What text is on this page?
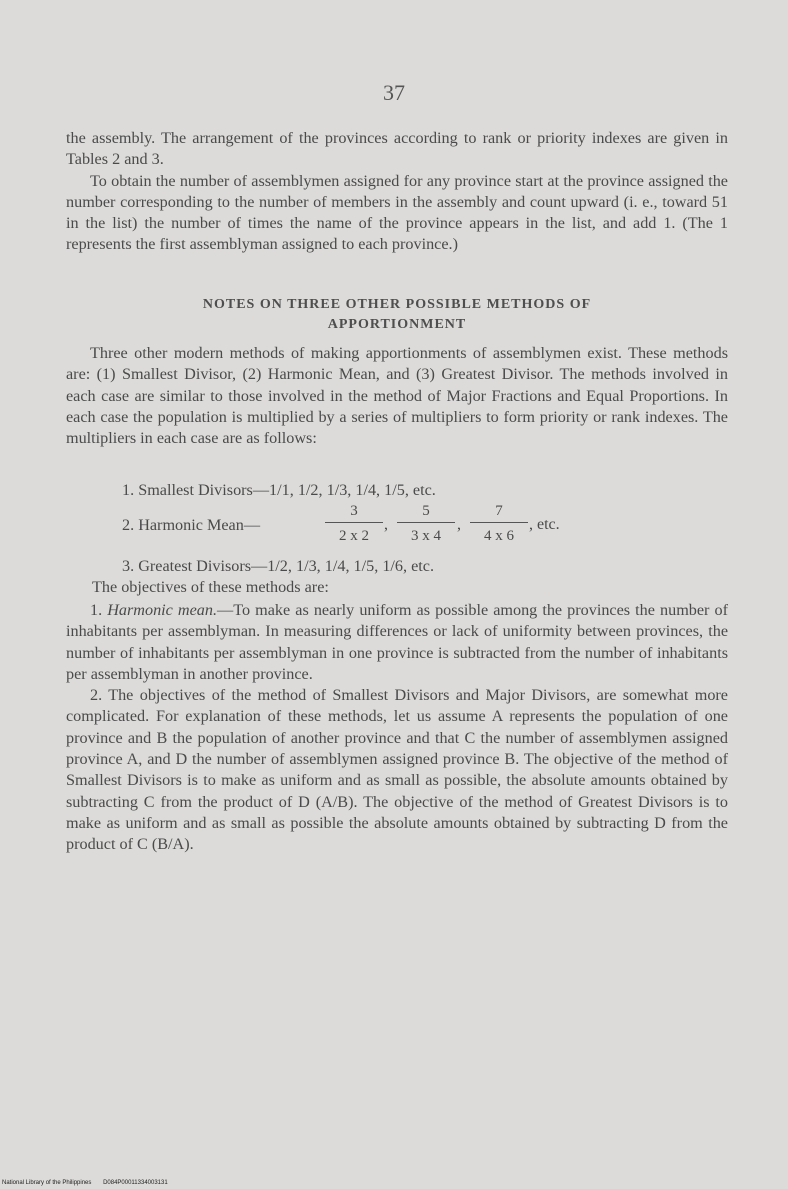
37

the assembly. The arrangement of the provinces according to rank or priority indexes are given in Tables 2 and 3.

To obtain the number of assemblymen assigned for any province start at the province assigned the number corresponding to the number of members in the assembly and count upward (i. e., toward 51 in the list) the number of times the name of the province appears in the list, and add 1. (The 1 represents the first assemblyman assigned to each province.)

NOTES ON THREE OTHER POSSIBLE METHODS OF
APPORTIONMENT

Three other modern methods of making apportionments of assemblymen exist. These methods are: (1) Smallest Divisor, (2) Harmonic Mean, and (3) Greatest Divisor. The methods involved in each case are similar to those involved in the method of Major Fractions and Equal Proportions. In each case the population is multiplied by a series of multipliers to form priority or rank indexes. The multipliers in each case are as follows:

1. Smallest Divisors—1/1, 1/2, 1/3, 1/4, 1/5, etc.
2. Harmonic Mean—
3
2 x 2
,
5
3 x 4
,
7
4 x 6
, etc.
3. Greatest Divisors—1/2, 1/3, 1/4, 1/5, 1/6, etc.
The objectives of these methods are:

1. Harmonic mean.—To make as nearly uniform as possible among the provinces the number of inhabitants per assemblyman. In measuring differences or lack of uniformity between provinces, the number of inhabitants per assemblyman in one province is subtracted from the number of inhabitants per assemblyman in another province.

2. The objectives of the method of Smallest Divisors and Major Divisors, are somewhat more complicated. For explanation of these methods, let us assume A represents the population of one province and B the population of another province and that C the number of assemblymen assigned province A, and D the number of assemblymen assigned province B. The objective of the method of Smallest Divisors is to make as uniform and as small as possible, the absolute amounts obtained by subtracting C from the product of D (A/B). The objective of the method of Greatest Divisors is to make as uniform and as small as possible the absolute amounts obtained by subtracting D from the product of C (B/A).

National Library of the Philippines D084P00011334003131
